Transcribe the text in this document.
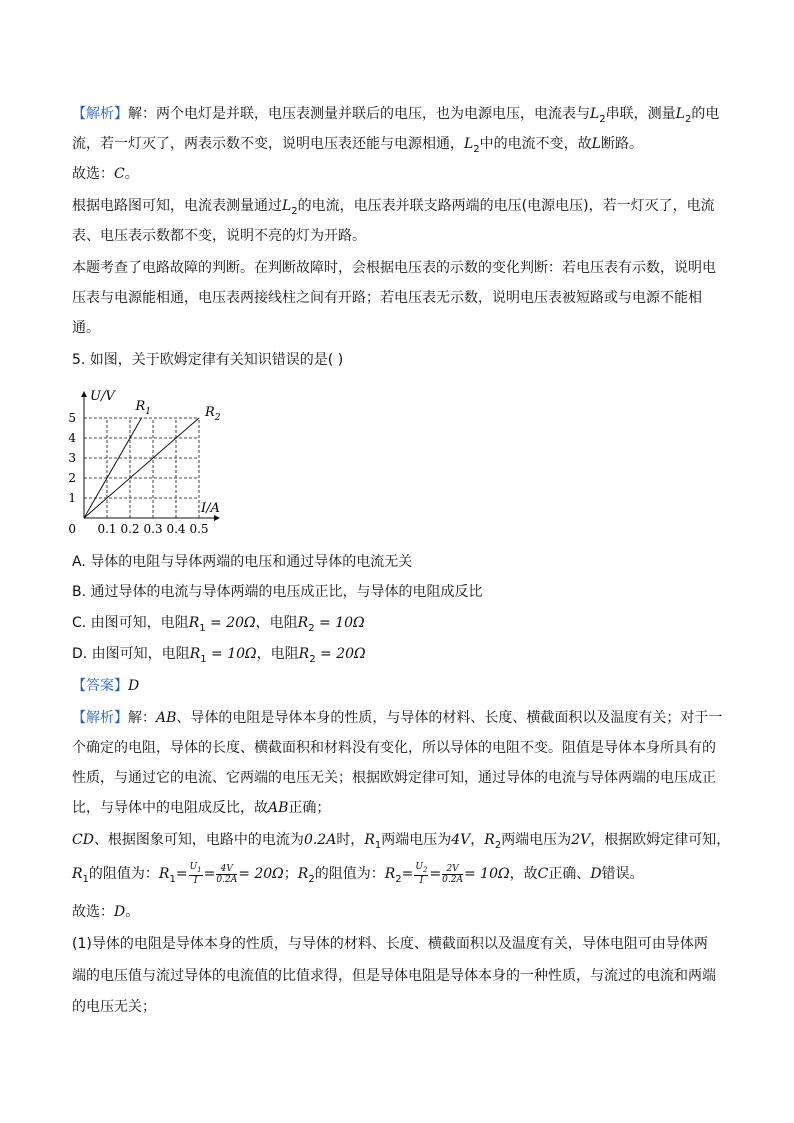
【解析】解：两个电灯是并联，电压表测量并联后的电压，也为电源电压，电流表与$L_2$串联，测量$L_2$的电
流，若一灯灭了，两表示数不变，说明电压表还能与电源相通，$L_2$中的电流不变，故L断路。
故选：C。
根据电路图可知，电流表测量通过$L_2$的电流，电压表并联支路两端的电压(电源电压)，若一灯灭了，电流
表、电压表示数都不变，说明不亮的灯为开路。
本题考查了电路故障的判断。在判断故障时，会根据电压表的示数的变化判断：若电压表有示数，说明电
压表与电源能相通，电压表两接线柱之间有开路；若电压表无示数，说明电压表被短路或与电源不能相
通。
5. 如图，关于欧姆定律有关知识错误的是( )
$R_1$	$R_2$
0.1 0.2 0.3 0.4 0.5
1
2
3
4
5
U/V
I/A
0
A. 导体的电阻与导体两端的电压和通过导体的电流无关
B. 通过导体的电流与导体两端的电压成正比，与导体的电阻成反比
C. 由图可知，电阻$R_1 = 20\Omega$，电阻$R_2 = 10\Omega$
D. 由图可知，电阻$R_1 = 10\Omega$，电阻$R_2 = 20\Omega$
【答案】D
【解析】解：AB、导体的电阻是导体本身的性质，与导体的材料、长度、横截面积以及温度有关；对于一
个确定的电阻，导体的长度、横截面积和材料没有变化，所以导体的电阻不变。阻值是导体本身所具有的
性质，与通过它的电流、它两端的电压无关；根据欧姆定律可知，通过导体的电流与导体两端的电压成正
比，与导体中的电阻成反比，故AB正确；
CD、根据图象可知，电路中的电流为0.2A时，$R_1$两端电压为4V，$R_2$两端电压为2V，根据欧姆定律可知，
$R_1$的阻值为：$R_1= \frac{U_1}{I} = \frac{4V}{0.2A} = 20\Omega$；$R_2$的阻值为：$R_2= \frac{U_2}{I} = \frac{2V}{0.2A} = 10\Omega$，故C正确、D错误。
故选：D。
(1)导体的电阻是导体本身的性质，与导体的材料、长度、横截面积以及温度有关，导体电阻可由导体两
端的电压值与流过导体的电流值的比值求得，但是导体电阻是导体本身的一种性质，与流过的电流和两端
的电压无关；
